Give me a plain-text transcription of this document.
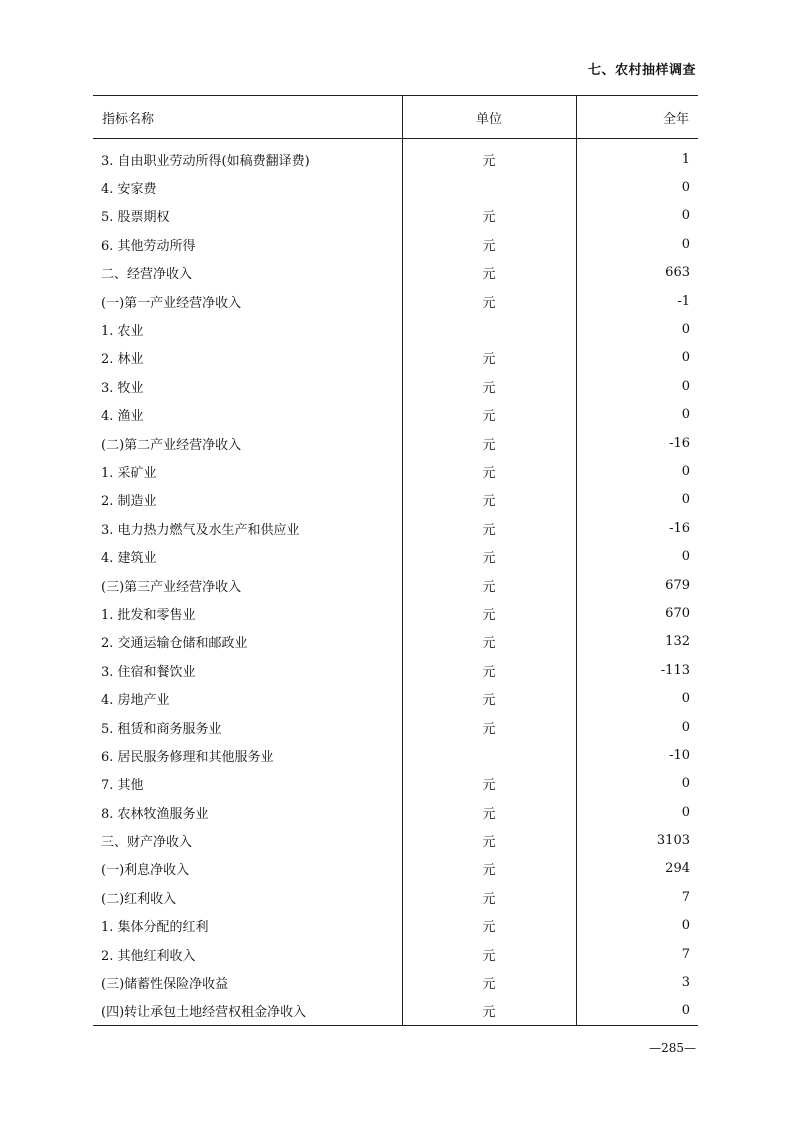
七、农村抽样调查
指标名称	单位	全年
3. 自由职业劳动所得(如稿费翻译费)	元	1
4. 安家费		0
5. 股票期权	元	0
6. 其他劳动所得	元	0
二、经营净收入	元	663
(一)第一产业经营净收入	元	-1
1. 农业		0
2. 林业	元	0
3. 牧业	元	0
4. 渔业	元	0
(二)第二产业经营净收入	元	-16
1. 采矿业	元	0
2. 制造业	元	0
3. 电力热力燃气及水生产和供应业	元	-16
4. 建筑业	元	0
(三)第三产业经营净收入	元	679
1. 批发和零售业	元	670
2. 交通运输仓储和邮政业	元	132
3. 住宿和餐饮业	元	-113
4. 房地产业	元	0
5. 租赁和商务服务业	元	0
6. 居民服务修理和其他服务业		-10
7. 其他	元	0
8. 农林牧渔服务业	元	0
三、财产净收入	元	3103
(一)利息净收入	元	294
(二)红利收入	元	7
1. 集体分配的红利	元	0
2. 其他红利收入	元	7
(三)储蓄性保险净收益	元	3
(四)转让承包土地经营权租金净收入	元	0
—285—
